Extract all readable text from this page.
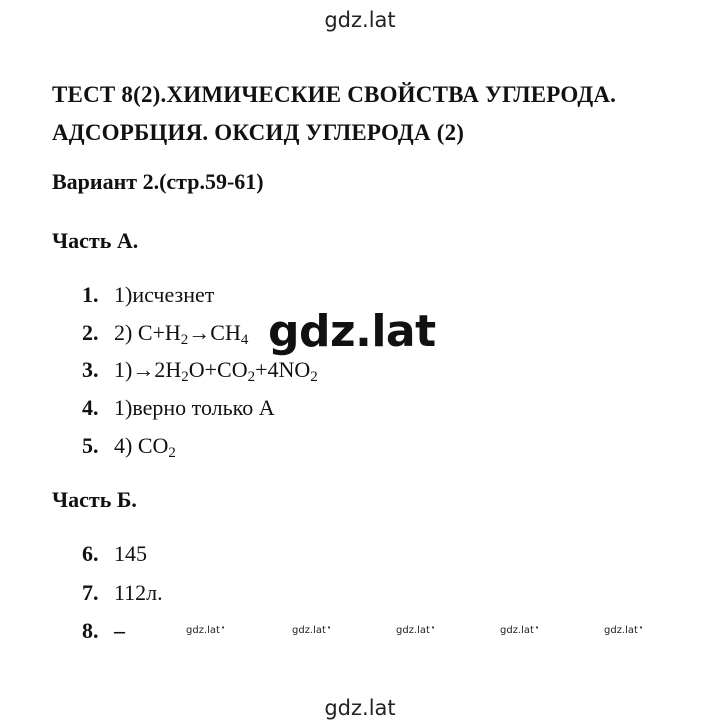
gdz.lat
ТЕСТ 8(2).ХИМИЧЕСКИЕ СВОЙСТВА УГЛЕРОДА.
АДСОРБЦИЯ. ОКСИД УГЛЕРОДА (2)
Вариант 2.(стр.59-61)
Часть А.
1. 1)исчезнет
2. 2) $C+H_2\to CH_4$
3. $1)\to 2H_2O+CO_2+4NO_2$
4. 1)верно только А
5. 4) $CO_2$
Часть Б.
6. 145
7. 112л.
8. –	gdz.lat •	gdz.lat •	gdz.lat •	gdz.lat •	gdz.lat •
gdz.lat
gdz.lat
